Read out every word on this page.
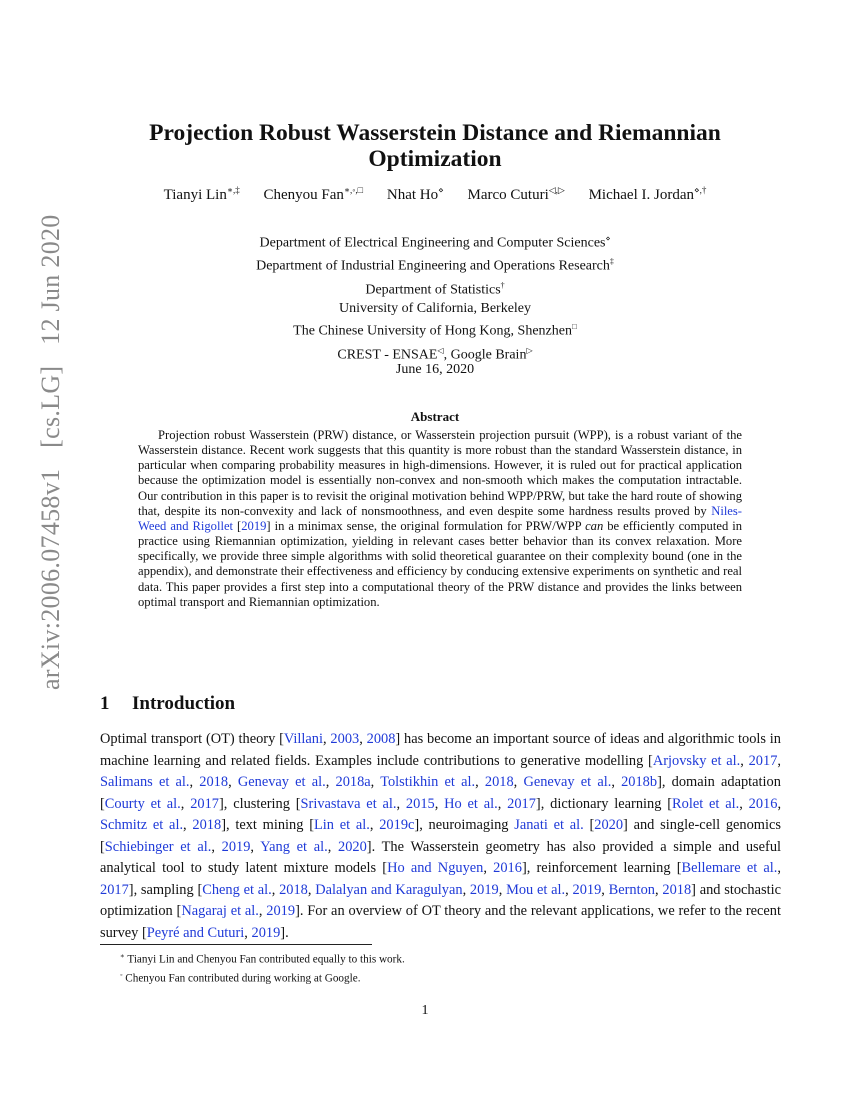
arXiv:2006.07458v1 [cs.LG] 12 Jun 2020
Projection Robust Wasserstein Distance and Riemannian
Optimization
Tianyi Lin∗,‡ Chenyou Fan∗,◦,□ Nhat Ho⋄ Marco Cuturi◁,▷ Michael I. Jordan⋄,†
Department of Electrical Engineering and Computer Sciences⋄
Department of Industrial Engineering and Operations Research‡
Department of Statistics†
University of California, Berkeley
The Chinese University of Hong Kong, Shenzhen□
CREST - ENSAE◁, Google Brain▷
June 16, 2020
Abstract

Projection robust Wasserstein (PRW) distance, or Wasserstein projection pursuit (WPP), is a robust variant of the Wasserstein distance. Recent work suggests that this quantity is more robust than the standard Wasserstein distance, in particular when comparing probability measures in high-dimensions. However, it is ruled out for practical application because the optimization model is essentially non-convex and non-smooth which makes the computation intractable. Our contribution in this paper is to revisit the original motivation behind WPP/PRW, but take the hard route of showing that, despite its non-convexity and lack of nonsmoothness, and even despite some hardness results proved by Niles-Weed and Rigollet [2019] in a minimax sense, the original formulation for PRW/WPP can be efficiently computed in practice using Riemannian optimization, yielding in relevant cases better behavior than its convex relaxation. More specifically, we provide three simple algorithms with solid theoretical guarantee on their complexity bound (one in the appendix), and demonstrate their effectiveness and efficiency by conducing extensive experiments on synthetic and real data. This paper provides a first step into a computational theory of the PRW distance and provides the links between optimal transport and Riemannian optimization.

1 Introduction

Optimal transport (OT) theory [Villani, 2003, 2008] has become an important source of ideas and algorithmic tools in machine learning and related fields. Examples include contributions to generative modelling [Arjovsky et al., 2017, Salimans et al., 2018, Genevay et al., 2018a, Tolstikhin et al., 2018, Genevay et al., 2018b], domain adaptation [Courty et al., 2017], clustering [Srivastava et al., 2015, Ho et al., 2017], dictionary learning [Rolet et al., 2016, Schmitz et al., 2018], text mining [Lin et al., 2019c], neuroimaging Janati et al. [2020] and single-cell genomics [Schiebinger et al., 2019, Yang et al., 2020]. The Wasserstein geometry has also provided a simple and useful analytical tool to study latent mixture models [Ho and Nguyen, 2016], reinforcement learning [Bellemare et al., 2017], sampling [Cheng et al., 2018, Dalalyan and Karagulyan, 2019, Mou et al., 2019, Bernton, 2018] and stochastic optimization [Nagaraj et al., 2019]. For an overview of OT theory and the relevant applications, we refer to the recent survey [Peyré and Cuturi, 2019].

∗ Tianyi Lin and Chenyou Fan contributed equally to this work.
◦ Chenyou Fan contributed during working at Google.
1
